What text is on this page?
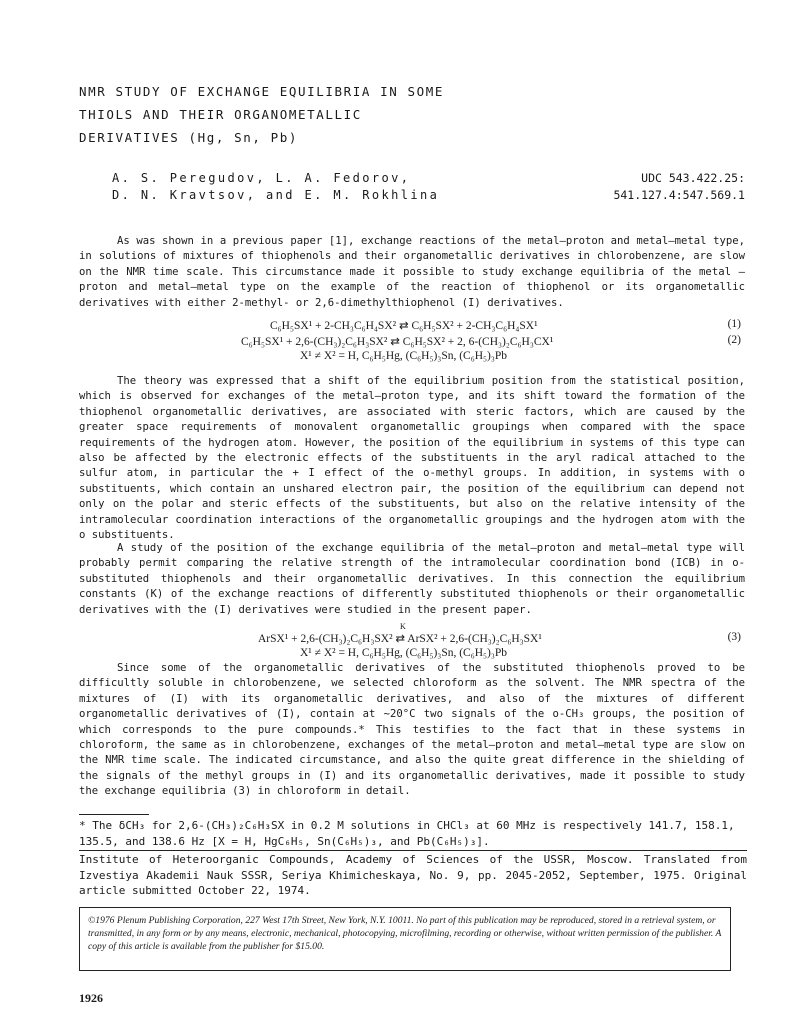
NMR STUDY OF EXCHANGE EQUILIBRIA IN SOME
THIOLS AND THEIR ORGANOMETALLIC
DERIVATIVES (Hg, Sn, Pb)
A. S. Peregudov, L. A. Fedorov,
D. N. Kravtsov, and E. M. Rokhlina
UDC 543.422.25:
541.127.4:547.569.1
As was shown in a previous paper [1], exchange reactions of the metal—proton and metal—metal type, in solutions of mixtures of thiophenols and their organometallic derivatives in chlorobenzene, are slow on the NMR time scale. This circumstance made it possible to study exchange equilibria of the metal —proton and metal—metal type on the example of the reaction of thiophenol or its organometallic derivatives with either 2-methyl- or 2,6-dimethylthiophenol (I) derivatives.
C₆H₅SX¹ + 2-CH₃C₆H₄SX² ⇄ C₆H₅SX² + 2-CH₃C₆H₄SX¹	(1)
C₆H₅SX¹ + 2,6-(CH₃)₂C₆H₃SX² ⇄ C₆H₅SX² + 2, 6-(CH₃)₂C₆H₃CX¹	(2)
X¹ ≠ X² = H, C₆H₅Hg, (C₆H₅)₃Sn, (C₆H₅)₃Pb
The theory was expressed that a shift of the equilibrium position from the statistical position, which is observed for exchanges of the metal—proton type, and its shift toward the formation of the thiophenol organometallic derivatives, are associated with steric factors, which are caused by the greater space requirements of monovalent organometallic groupings when compared with the space requirements of the hydrogen atom. However, the position of the equilibrium in systems of this type can also be affected by the electronic effects of the substituents in the aryl radical attached to the sulfur atom, in particular the + I effect of the o-methyl groups. In addition, in systems with o substituents, which contain an unshared electron pair, the position of the equilibrium can depend not only on the polar and steric effects of the substituents, but also on the relative intensity of the intramolecular coordination interactions of the organometallic groupings and the hydrogen atom with the o substituents.
A study of the position of the exchange equilibria of the metal—proton and metal—metal type will probably permit comparing the relative strength of the intramolecular coordination bond (ICB) in o-substituted thiophenols and their organometallic derivatives. In this connection the equilibrium constants (K) of the exchange reactions of differently substituted thiophenols or their organometallic derivatives with the (I) derivatives were studied in the present paper.
K
ArSX¹ + 2,6-(CH₃)₂C₆H₃SX² ⇄ ArSX² + 2,6-(CH₃)₂C₆H₃SX¹	(3)
X¹ ≠ X² = H, C₆H₅Hg, (C₆H₅)₃Sn, (C₆H₅)₃Pb
Since some of the organometallic derivatives of the substituted thiophenols proved to be difficultly soluble in chlorobenzene, we selected chloroform as the solvent. The NMR spectra of the mixtures of (I) with its organometallic derivatives, and also of the mixtures of different organometallic derivatives of (I), contain at ~20°C two signals of the o-CH₃ groups, the position of which corresponds to the pure compounds.* This testifies to the fact that in these systems in chloroform, the same as in chlorobenzene, exchanges of the metal—proton and metal—metal type are slow on the NMR time scale. The indicated circumstance, and also the quite great difference in the shielding of the signals of the methyl groups in (I) and its organometallic derivatives, made it possible to study the exchange equilibria (3) in chloroform in detail.
* The δCH₃ for 2,6-(CH₃)₂C₆H₃SX in 0.2 M solutions in CHCl₃ at 60 MHz is respectively 141.7, 158.1, 135.5, and 138.6 Hz [X = H, HgC₆H₅, Sn(C₆H₅)₃, and Pb(C₆H₅)₃].
Institute of Heteroorganic Compounds, Academy of Sciences of the USSR, Moscow. Translated from Izvestiya Akademii Nauk SSSR, Seriya Khimicheskaya, No. 9, pp. 2045-2052, September, 1975. Original article submitted October 22, 1974.
©1976 Plenum Publishing Corporation, 227 West 17th Street, New York, N.Y. 10011. No part of this publication may be reproduced, stored in a retrieval system, or transmitted, in any form or by any means, electronic, mechanical, photocopying, microfilming, recording or otherwise, without written permission of the publisher. A copy of this article is available from the publisher for $15.00.
1926
